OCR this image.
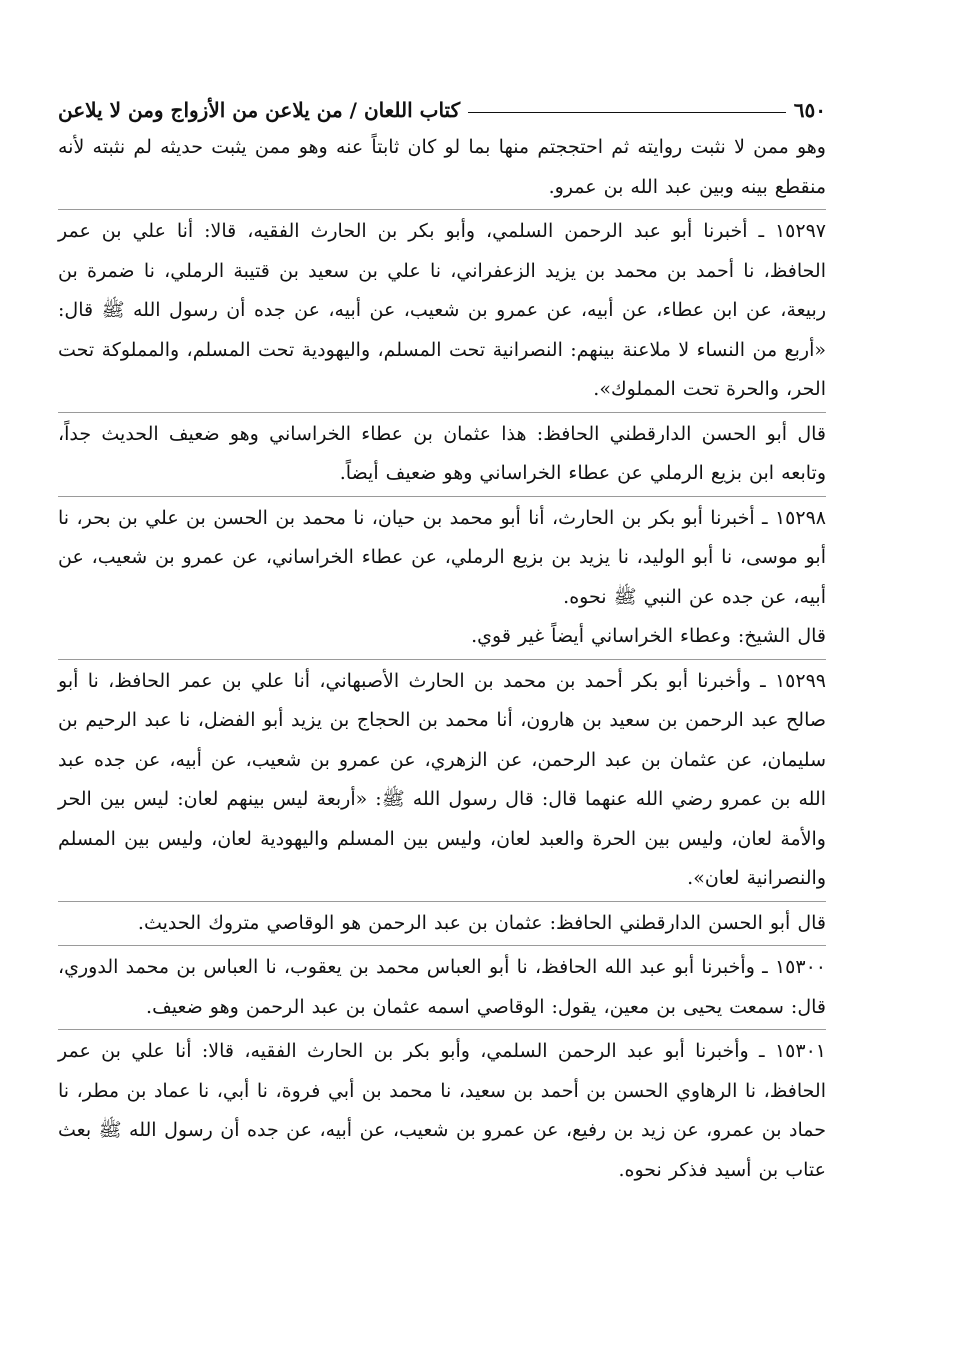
٦٥٠
كتاب اللعان / من يلاعن من الأزواج ومن لا يلاعن

وهو ممن لا نثبت روايته ثم احتججتم منها بما لو كان ثابتاً عنه وهو ممن يثبت حديثه لم نثبته لأنه منقطع بينه وبين عبد الله بن عمرو.

١٥٢٩٧ ـ أخبرنا أبو عبد الرحمن السلمي، وأبو بكر بن الحارث الفقيه، قالا: أنا علي بن عمر الحافظ، نا أحمد بن محمد بن يزيد الزعفراني، نا علي بن سعيد بن قتيبة الرملي، نا ضمرة بن ربيعة، عن ابن عطاء، عن أبيه، عن عمرو بن شعيب، عن أبيه، عن جده أن رسول الله ﷺ قال: «أربع من النساء لا ملاعنة بينهم: النصرانية تحت المسلم، واليهودية تحت المسلم، والمملوكة تحت الحر، والحرة تحت المملوك».

قال أبو الحسن الدارقطني الحافظ: هذا عثمان بن عطاء الخراساني وهو ضعيف الحديث جداً، وتابعه ابن بزيع الرملي عن عطاء الخراساني وهو ضعيف أيضاً.

١٥٢٩٨ ـ أخبرنا أبو بكر بن الحارث، أنا أبو محمد بن حيان، نا محمد بن الحسن بن علي بن بحر، نا أبو موسى، نا أبو الوليد، نا يزيد بن بزيع الرملي، عن عطاء الخراساني، عن عمرو بن شعيب، عن أبيه، عن جده عن النبي ﷺ نحوه.

قال الشيخ: وعطاء الخراساني أيضاً غير قوي.

١٥٢٩٩ ـ وأخبرنا أبو بكر أحمد بن محمد بن الحارث الأصبهاني، أنا علي بن عمر الحافظ، نا أبو صالح عبد الرحمن بن سعيد بن هارون، أنا محمد بن الحجاج بن يزيد أبو الفضل، نا عبد الرحيم بن سليمان، عن عثمان بن عبد الرحمن، عن الزهري، عن عمرو بن شعيب، عن أبيه، عن جده عبد الله بن عمرو رضي الله عنهما قال: قال رسول الله ﷺ: «أربعة ليس بينهم لعان: ليس بين الحر والأمة لعان، وليس بين الحرة والعبد لعان، وليس بين المسلم واليهودية لعان، وليس بين المسلم والنصرانية لعان».

قال أبو الحسن الدارقطني الحافظ: عثمان بن عبد الرحمن هو الوقاصي متروك الحديث.

١٥٣٠٠ ـ وأخبرنا أبو عبد الله الحافظ، نا أبو العباس محمد بن يعقوب، نا العباس بن محمد الدوري، قال: سمعت يحيى بن معين، يقول: الوقاصي اسمه عثمان بن عبد الرحمن وهو ضعيف.

١٥٣٠١ ـ وأخبرنا أبو عبد الرحمن السلمي، وأبو بكر بن الحارث الفقيه، قالا: أنا علي بن عمر الحافظ، نا الرهاوي الحسن بن أحمد بن سعيد، نا محمد بن أبي فروة، نا أبي، نا عماد بن مطر، نا حماد بن عمرو، عن زيد بن رفيع، عن عمرو بن شعيب، عن أبيه، عن جده أن رسول الله ﷺ بعث عتاب بن أسيد فذكر نحوه.
